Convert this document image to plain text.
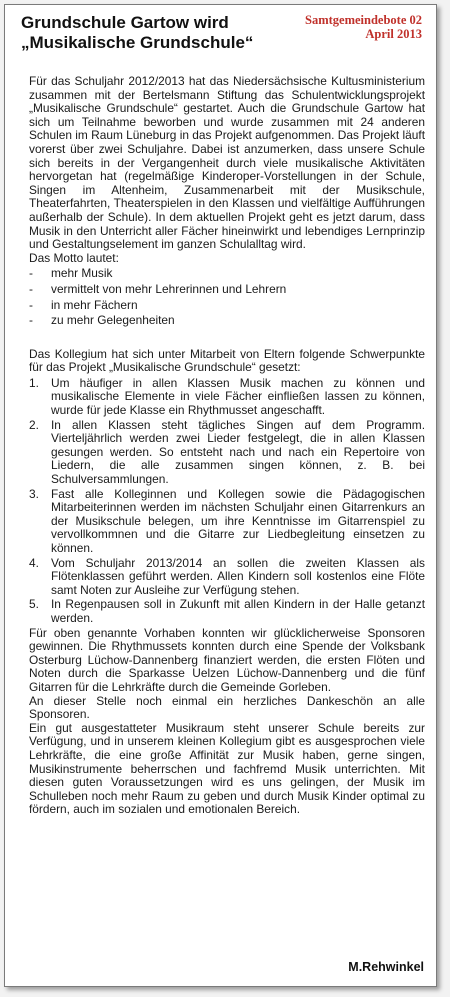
Grundschule Gartow wird
„Musikalische Grundschule“
Samtgemeindebote 02
April 2013

Für das Schuljahr 2012/2013 hat das Niedersächsische Kultusministerium zusammen mit der Bertelsmann Stiftung das Schulentwicklungsprojekt „Musikalische Grundschule“ gestartet. Auch die Grundschule Gartow hat sich um Teilnahme beworben und wurde zusammen mit 24 anderen Schulen im Raum Lüneburg in das Projekt aufgenommen. Das Projekt läuft vorerst über zwei Schuljahre. Dabei ist anzumerken, dass unsere Schule sich bereits in der Vergangenheit durch viele musikalische Aktivitäten hervorgetan hat (regelmäßige Kinderoper-Vorstellungen in der Schule, Singen im Altenheim, Zusammenarbeit mit der Musikschule, Theaterfahrten, Theaterspielen in den Klassen und vielfältige Aufführungen außerhalb der Schule). In dem aktuellen Projekt geht es jetzt darum, dass Musik in den Unterricht aller Fächer hineinwirkt und lebendiges Lernprinzip und Gestaltungselement im ganzen Schulalltag wird.

Das Motto lautet:

- mehr Musik
- vermittelt von mehr Lehrerinnen und Lehrern
- in mehr Fächern
- zu mehr Gelegenheiten

Das Kollegium hat sich unter Mitarbeit von Eltern folgende Schwerpunkte für das Projekt „Musikalische Grundschule“ gesetzt:

1. Um häufiger in allen Klassen Musik machen zu können und musikalische Elemente in viele Fächer einfließen lassen zu können, wurde für jede Klasse ein Rhythmusset angeschafft.
2. In allen Klassen steht tägliches Singen auf dem Programm. Vierteljährlich werden zwei Lieder festgelegt, die in allen Klassen gesungen werden. So entsteht nach und nach ein Repertoire von Liedern, die alle zusammen singen können, z. B. bei Schulversammlungen.
3. Fast alle Kolleginnen und Kollegen sowie die Pädagogischen Mitarbeiterinnen werden im nächsten Schuljahr einen Gitarrenkurs an der Musikschule belegen, um ihre Kenntnisse im Gitarrenspiel zu vervollkommnen und die Gitarre zur Liedbegleitung einsetzen zu können.
4. Vom Schuljahr 2013/2014 an sollen die zweiten Klassen als Flötenklassen geführt werden. Allen Kindern soll kostenlos eine Flöte samt Noten zur Ausleihe zur Verfügung stehen.
5. In Regenpausen soll in Zukunft mit allen Kindern in der Halle getanzt werden.

Für oben genannte Vorhaben konnten wir glücklicherweise Sponsoren gewinnen. Die Rhythmussets konnten durch eine Spende der Volksbank Osterburg Lüchow-Dannenberg finanziert werden, die ersten Flöten und Noten durch die Sparkasse Uelzen Lüchow-Dannenberg und die fünf Gitarren für die Lehrkräfte durch die Gemeinde Gorleben.

An dieser Stelle noch einmal ein herzliches Dankeschön an alle Sponsoren.

Ein gut ausgestatteter Musikraum steht unserer Schule bereits zur Verfügung, und in unserem kleinen Kollegium gibt es ausgesprochen viele Lehrkräfte, die eine große Affinität zur Musik haben, gerne singen, Musikinstrumente beherrschen und fachfremd Musik unterrichten. Mit diesen guten Voraussetzungen wird es uns gelingen, der Musik im Schulleben noch mehr Raum zu geben und durch Musik Kinder optimal zu fördern, auch im sozialen und emotionalen Bereich.

M.Rehwinkel
